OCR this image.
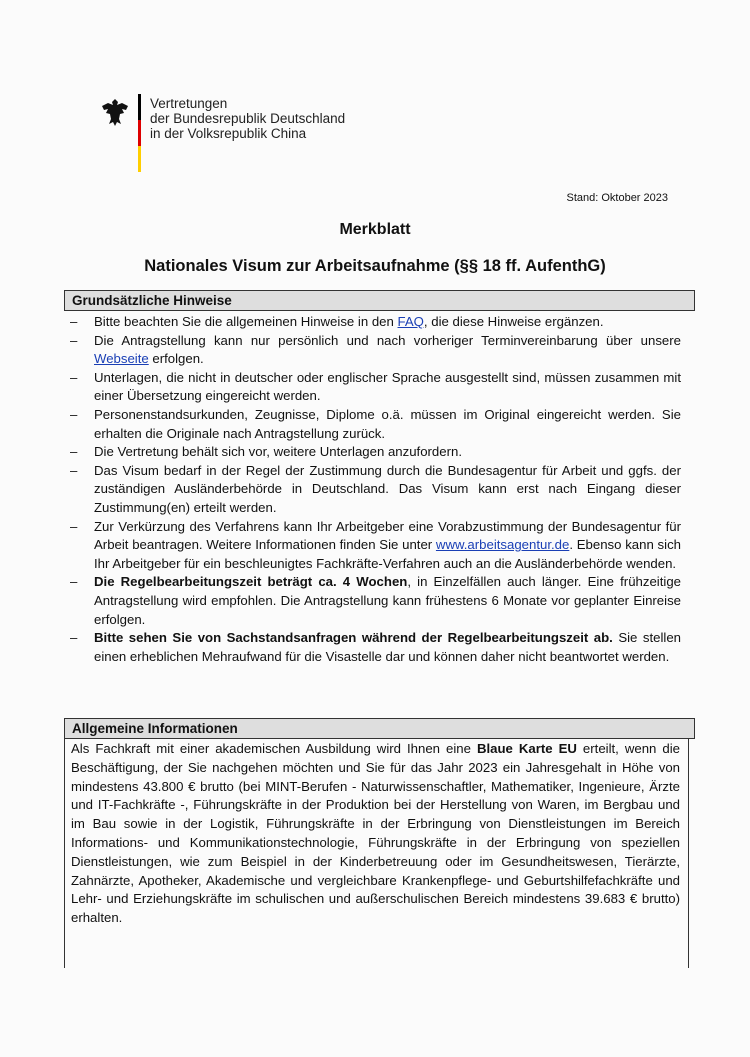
Vertretungen
der Bundesrepublik Deutschland
in der Volksrepublik China
Stand: Oktober 2023
Merkblatt
Nationales Visum zur Arbeitsaufnahme (§§ 18 ff. AufenthG)
Grundsätzliche Hinweise
– Bitte beachten Sie die allgemeinen Hinweise in den FAQ, die diese Hinweise ergänzen.
– Die Antragstellung kann nur persönlich und nach vorheriger Terminvereinbarung über unsere Webseite erfolgen.
– Unterlagen, die nicht in deutscher oder englischer Sprache ausgestellt sind, müssen zusammen mit einer Übersetzung eingereicht werden.
– Personenstandsurkunden, Zeugnisse, Diplome o.ä. müssen im Original eingereicht werden. Sie erhalten die Originale nach Antragstellung zurück.
– Die Vertretung behält sich vor, weitere Unterlagen anzufordern.
– Das Visum bedarf in der Regel der Zustimmung durch die Bundesagentur für Arbeit und ggfs. der zuständigen Ausländerbehörde in Deutschland. Das Visum kann erst nach Eingang dieser Zustimmung(en) erteilt werden.
– Zur Verkürzung des Verfahrens kann Ihr Arbeitgeber eine Vorabzustimmung der Bundesagentur für Arbeit beantragen. Weitere Informationen finden Sie unter www.arbeitsagentur.de. Ebenso kann sich Ihr Arbeitgeber für ein beschleunigtes Fachkräfte-Verfahren auch an die Ausländerbehörde wenden.
– Die Regelbearbeitungszeit beträgt ca. 4 Wochen, in Einzelfällen auch länger. Eine frühzeitige Antragstellung wird empfohlen. Die Antragstellung kann frühestens 6 Monate vor geplanter Einreise erfolgen.
– Bitte sehen Sie von Sachstandsanfragen während der Regelbearbeitungszeit ab. Sie stellen einen erheblichen Mehraufwand für die Visastelle dar und können daher nicht beantwortet werden.
Allgemeine Informationen
Als Fachkraft mit einer akademischen Ausbildung wird Ihnen eine Blaue Karte EU erteilt, wenn die Beschäftigung, der Sie nachgehen möchten und Sie für das Jahr 2023 ein Jahresgehalt in Höhe von mindestens 43.800 € brutto (bei MINT-Berufen - Naturwissenschaftler, Mathematiker, Ingenieure, Ärzte und IT-Fachkräfte -, Führungskräfte in der Produktion bei der Herstellung von Waren, im Bergbau und im Bau sowie in der Logistik, Führungskräfte in der Erbringung von Dienstleistungen im Bereich Informations- und Kommunikationstechnologie, Führungskräfte in der Erbringung von speziellen Dienstleistungen, wie zum Beispiel in der Kinderbetreuung oder im Gesundheitswesen, Tierärzte, Zahnärzte, Apotheker, Akademische und vergleichbare Krankenpflege- und Geburtshilfefachkräfte und Lehr- und Erziehungskräfte im schulischen und außerschulischen Bereich mindestens 39.683 € brutto) erhalten.
